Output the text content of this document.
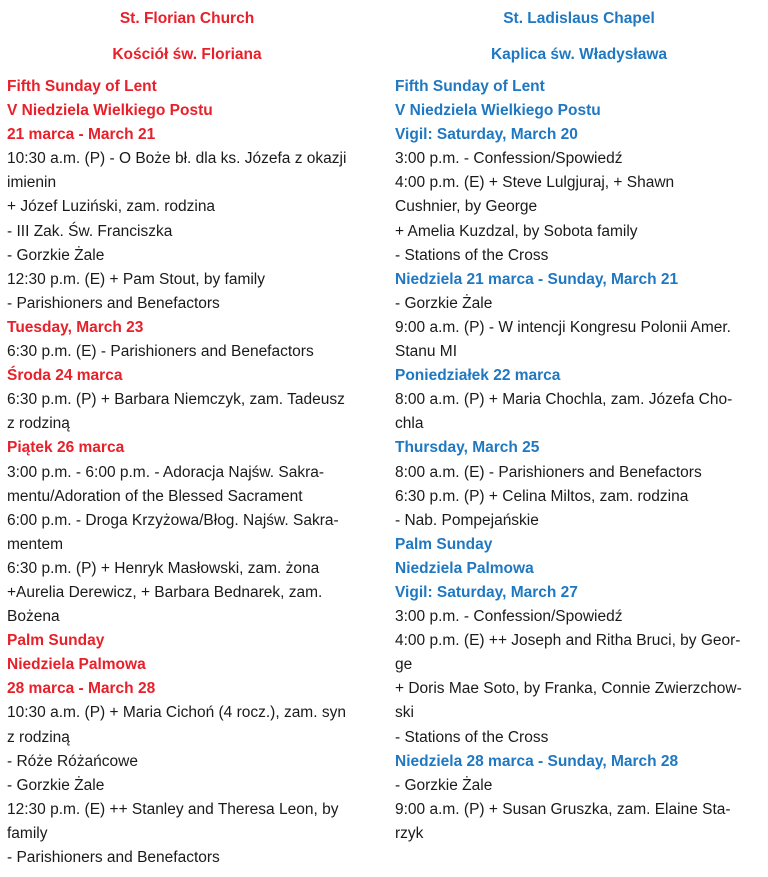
St. Florian Church

Kościół św. Floriana

Fifth Sunday of Lent

V Niedziela Wielkiego Postu

21 marca - March 21

10:30 a.m. (P) - O Boże bł. dla ks. Józefa z okazji

imienin

+ Józef Luziński, zam. rodzina

- III Zak. Św. Franciszka

- Gorzkie Żale

12:30 p.m. (E) + Pam Stout, by family

- Parishioners and Benefactors

Tuesday, March 23

6:30 p.m. (E) - Parishioners and Benefactors

Środa 24 marca

6:30 p.m. (P) + Barbara Niemczyk, zam. Tadeusz

z rodziną

Piątek 26 marca

3:00 p.m. - 6:00 p.m. - Adoracja Najśw. Sakra-

mentu/Adoration of the Blessed Sacrament

6:00 p.m. - Droga Krzyżowa/Błog. Najśw. Sakra-

mentem

6:30 p.m. (P) + Henryk Masłowski, zam. żona

+Aurelia Derewicz, + Barbara Bednarek, zam.

Bożena

Palm Sunday

Niedziela Palmowa

28 marca - March 28

10:30 a.m. (P) + Maria Cichoń (4 rocz.), zam. syn

z rodziną

- Róże Różańcowe

- Gorzkie Żale

12:30 p.m. (E) ++ Stanley and Theresa Leon, by

family

- Parishioners and Benefactors

St. Ladislaus Chapel

Kaplica św. Władysława

Fifth Sunday of Lent

V Niedziela Wielkiego Postu

Vigil: Saturday, March 20

3:00 p.m. - Confession/Spowiedź

4:00 p.m. (E) + Steve Lulgjuraj, + Shawn

Cushnier, by George

+ Amelia Kuzdzal, by Sobota family

- Stations of the Cross

Niedziela 21 marca - Sunday, March 21

- Gorzkie Żale

9:00 a.m. (P) - W intencji Kongresu Polonii Amer.

Stanu MI

Poniedziałek 22 marca

8:00 a.m. (P) + Maria Chochla, zam. Józefa Cho-

chla

Thursday, March 25

8:00 a.m. (E) - Parishioners and Benefactors

6:30 p.m. (P) + Celina Miltos, zam. rodzina

- Nab. Pompejańskie

Palm Sunday

Niedziela Palmowa

Vigil: Saturday, March 27

3:00 p.m. - Confession/Spowiedź

4:00 p.m. (E) ++ Joseph and Ritha Bruci, by Geor-

ge

+ Doris Mae Soto, by Franka, Connie Zwierzchow-

ski

- Stations of the Cross

Niedziela 28 marca - Sunday, March 28

- Gorzkie Żale

9:00 a.m. (P) + Susan Gruszka, zam. Elaine Sta-

rzyk
